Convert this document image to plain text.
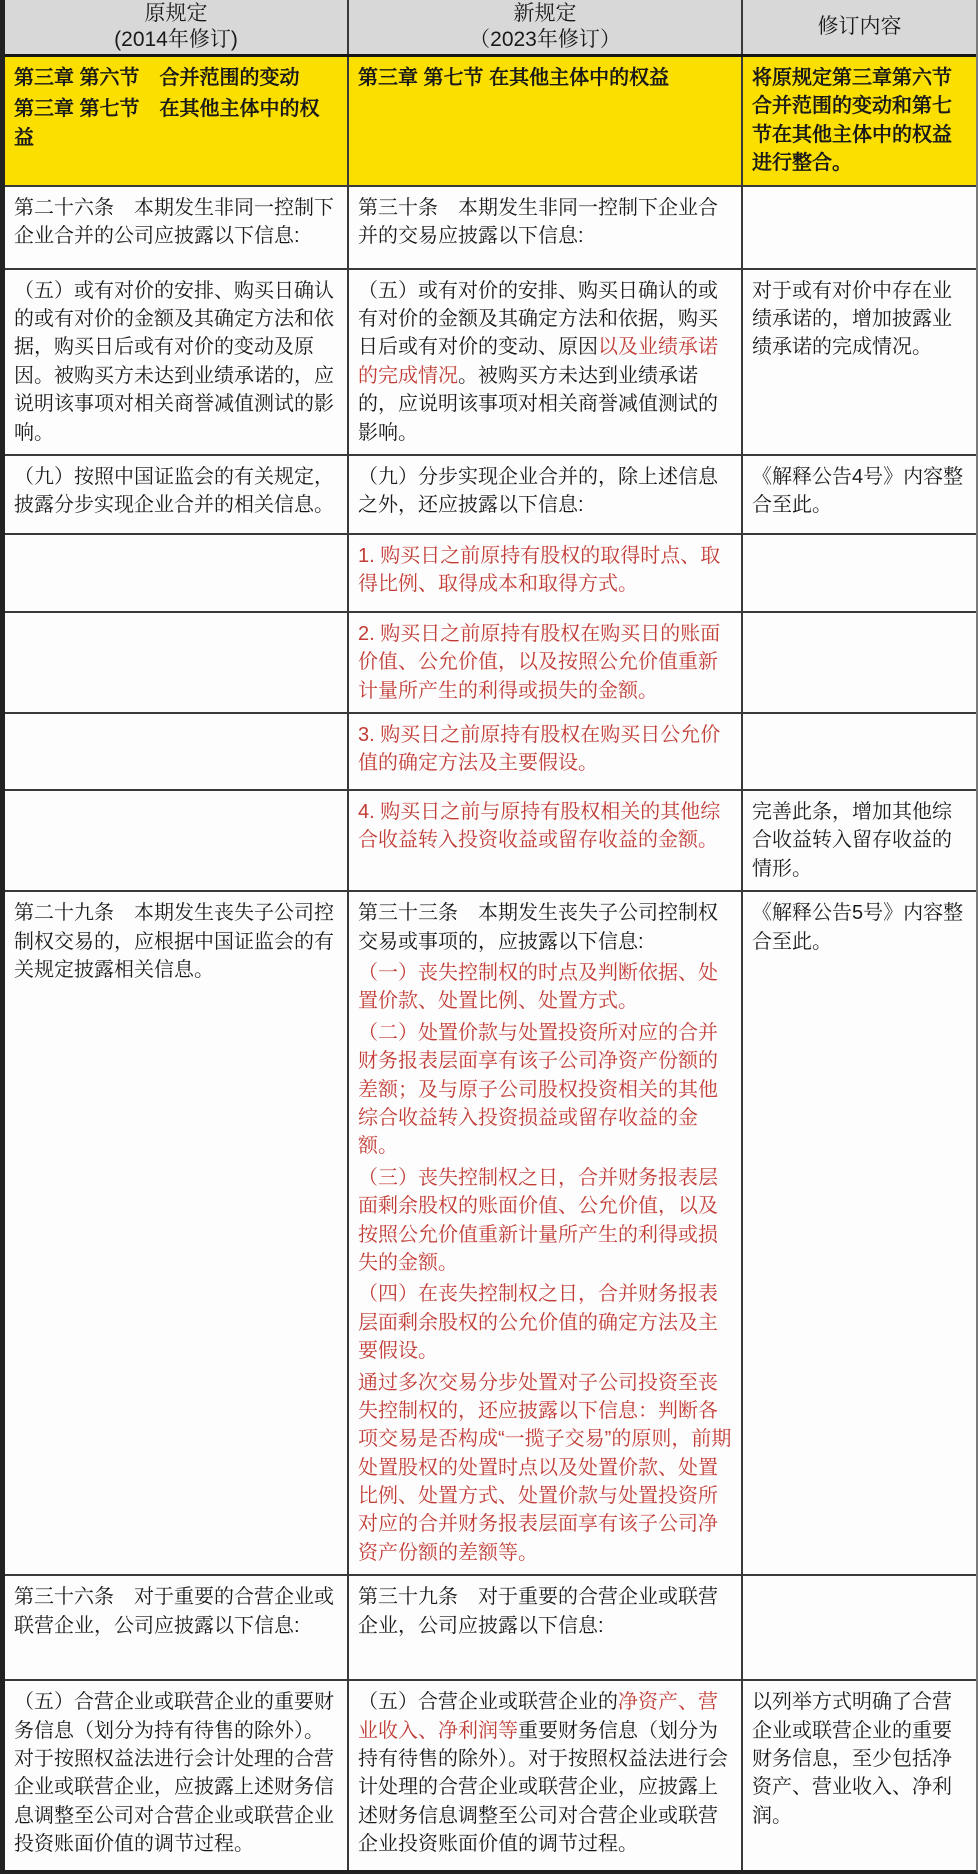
原规定
(2014年修订)
新规定
（2023年修订）
修订内容
第三章 第六节　合并范围的变动
第三章 第七节　在其他主体中的权益
第三章 第七节 在其他主体中的权益	将原规定第三章第六节合并范围的变动和第七节在其他主体中的权益进行整合。
第二十六条　本期发生非同一控制下企业合并的公司应披露以下信息:
第三十条　本期发生非同一控制下企业合并的交易应披露以下信息:
（五）或有对价的安排、购买日确认的或有对价的金额及其确定方法和依据，购买日后或有对价的变动及原因。被购买方未达到业绩承诺的，应说明该事项对相关商誉减值测试的影响。
（五）或有对价的安排、购买日确认的或有对价的金额及其确定方法和依据，购买日后或有对价的变动、原因以及业绩承诺的完成情况。被购买方未达到业绩承诺的，应说明该事项对相关商誉减值测试的影响。
对于或有对价中存在业绩承诺的，增加披露业绩承诺的完成情况。
（九）按照中国证监会的有关规定，披露分步实现企业合并的相关信息。
（九）分步实现企业合并的，除上述信息之外，还应披露以下信息:
《解释公告4号》内容整合至此。
1. 购买日之前原持有股权的取得时点、取得比例、取得成本和取得方式。
2. 购买日之前原持有股权在购买日的账面价值、公允价值，以及按照公允价值重新计量所产生的利得或损失的金额。
3. 购买日之前原持有股权在购买日公允价值的确定方法及主要假设。
4. 购买日之前与原持有股权相关的其他综合收益转入投资收益或留存收益的金额。
完善此条，增加其他综合收益转入留存收益的情形。
第二十九条　本期发生丧失子公司控制权交易的，应根据中国证监会的有关规定披露相关信息。
第三十三条　本期发生丧失子公司控制权交易或事项的，应披露以下信息:
（一）丧失控制权的时点及判断依据、处置价款、处置比例、处置方式。
（二）处置价款与处置投资所对应的合并财务报表层面享有该子公司净资产份额的差额；及与原子公司股权投资相关的其他综合收益转入投资损益或留存收益的金额。
（三）丧失控制权之日，合并财务报表层面剩余股权的账面价值、公允价值，以及按照公允价值重新计量所产生的利得或损失的金额。
（四）在丧失控制权之日，合并财务报表层面剩余股权的公允价值的确定方法及主要假设。
通过多次交易分步处置对子公司投资至丧失控制权的，还应披露以下信息：判断各项交易是否构成“一揽子交易”的原则，前期处置股权的处置时点以及处置价款、处置比例、处置方式、处置价款与处置投资所对应的合并财务报表层面享有该子公司净资产份额的差额等。
《解释公告5号》内容整合至此。
第三十六条　对于重要的合营企业或联营企业，公司应披露以下信息:
第三十九条　对于重要的合营企业或联营企业，公司应披露以下信息:
（五）合营企业或联营企业的重要财务信息（划分为持有待售的除外）。对于按照权益法进行会计处理的合营企业或联营企业，应披露上述财务信息调整至公司对合营企业或联营企业投资账面价值的调节过程。
（五）合营企业或联营企业的净资产、营业收入、净利润等重要财务信息（划分为持有待售的除外）。对于按照权益法进行会计处理的合营企业或联营企业，应披露上述财务信息调整至公司对合营企业或联营企业投资账面价值的调节过程。
以列举方式明确了合营企业或联营企业的重要财务信息，至少包括净资产、营业收入、净利润。
